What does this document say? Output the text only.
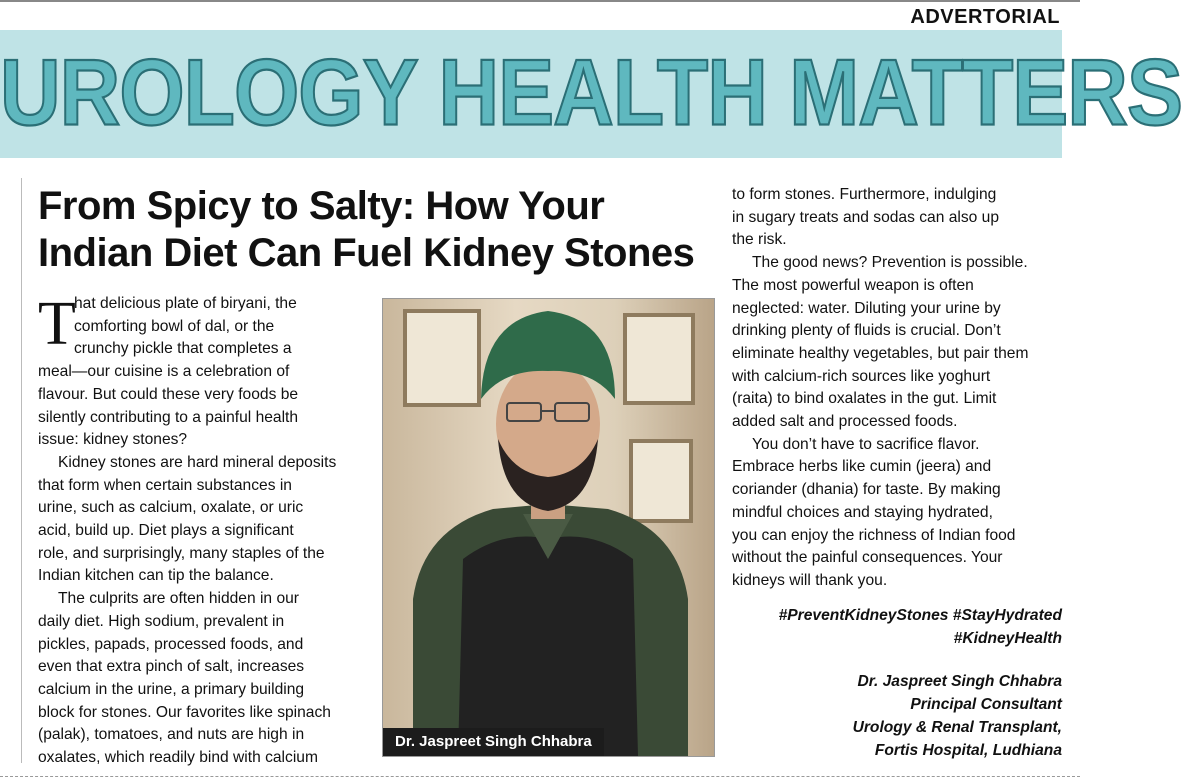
ADVERTORIAL
UROLOGY HEALTH MATTERS
From Spicy to Salty: How Your
Indian Diet Can Fuel Kidney Stones
T
hat delicious plate of biryani, the
comforting bowl of dal, or the
crunchy pickle that completes a
meal—our cuisine is a celebration of
flavour. But could these very foods be
silently contributing to a painful health
issue: kidney stones?
Kidney stones are hard mineral deposits
that form when certain substances in
urine, such as calcium, oxalate, or uric
acid, build up. Diet plays a significant
role, and surprisingly, many staples of the
Indian kitchen can tip the balance.
The culprits are often hidden in our
daily diet. High sodium, prevalent in
pickles, papads, processed foods, and
even that extra pinch of salt, increases
calcium in the urine, a primary building
block for stones. Our favorites like spinach
(palak), tomatoes, and nuts are high in
oxalates, which readily bind with calcium
Dr. Jaspreet Singh Chhabra
to form stones. Furthermore, indulging
in sugary treats and sodas can also up
the risk.
The good news? Prevention is possible.
The most powerful weapon is often
neglected: water. Diluting your urine by
drinking plenty of fluids is crucial. Don’t
eliminate healthy vegetables, but pair them
with calcium-rich sources like yoghurt
(raita) to bind oxalates in the gut. Limit
added salt and processed foods.
You don’t have to sacrifice flavor.
Embrace herbs like cumin (jeera) and
coriander (dhania) for taste. By making
mindful choices and staying hydrated,
you can enjoy the richness of Indian food
without the painful consequences. Your
kidneys will thank you.
#PreventKidneyStones #StayHydrated
#KidneyHealth
Dr. Jaspreet Singh Chhabra
Principal Consultant
Urology & Renal Transplant,
Fortis Hospital, Ludhiana
